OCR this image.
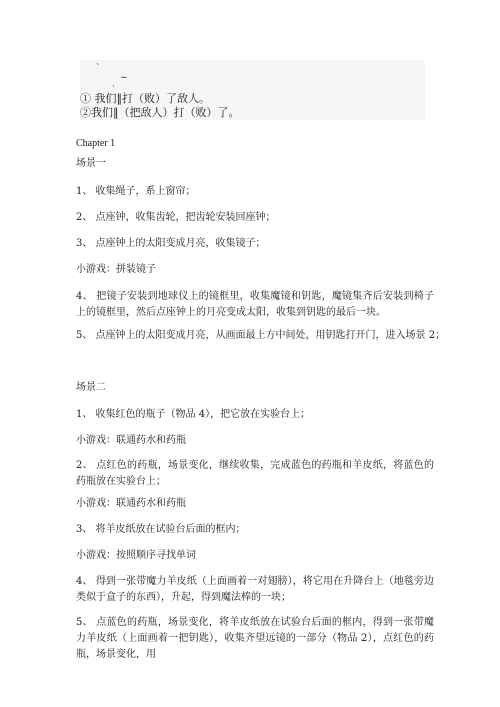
`
~
·
① 我们‖打（败）了敌人。
②我们‖（把敌人）打（败）了。
Chapter 1
场景一
1、 收集绳子，系上窗帘；
2、 点座钟，收集齿轮，把齿轮安装回座钟；
3、 点座钟上的太阳变成月亮，收集镜子；
小游戏：拼装镜子
4、 把镜子安装到地球仪上的镜框里，收集魔镜和钥匙，魔镜集齐后安装到椅子上的镜框里，然后点座钟上的月亮变成太阳，收集到钥匙的最后一块。
5、 点座钟上的太阳变成月亮，从画面最上方中间处，用钥匙打开门，进入场景 2；
场景二
1、 收集红色的瓶子（物品 4），把它放在实验台上；
小游戏：联通药水和药瓶
2、 点红色的药瓶，场景变化，继续收集，完成蓝色的药瓶和羊皮纸，将蓝色的药瓶放在实验台上；
小游戏：联通药水和药瓶
3、 将羊皮纸放在试验台后面的框内；
小游戏：按照顺序寻找单词
4、 得到一张带魔力羊皮纸（上面画着一对翅膀），将它用在升降台上（地毯旁边类似于盒子的东西），升起，得到魔法棒的一块；
5、 点蓝色的药瓶，场景变化，将羊皮纸放在试验台后面的框内，得到一张带魔力羊皮纸（上面画着一把钥匙），收集齐望远镜的一部分（物品 2），点红色的药瓶，场景变化，用
